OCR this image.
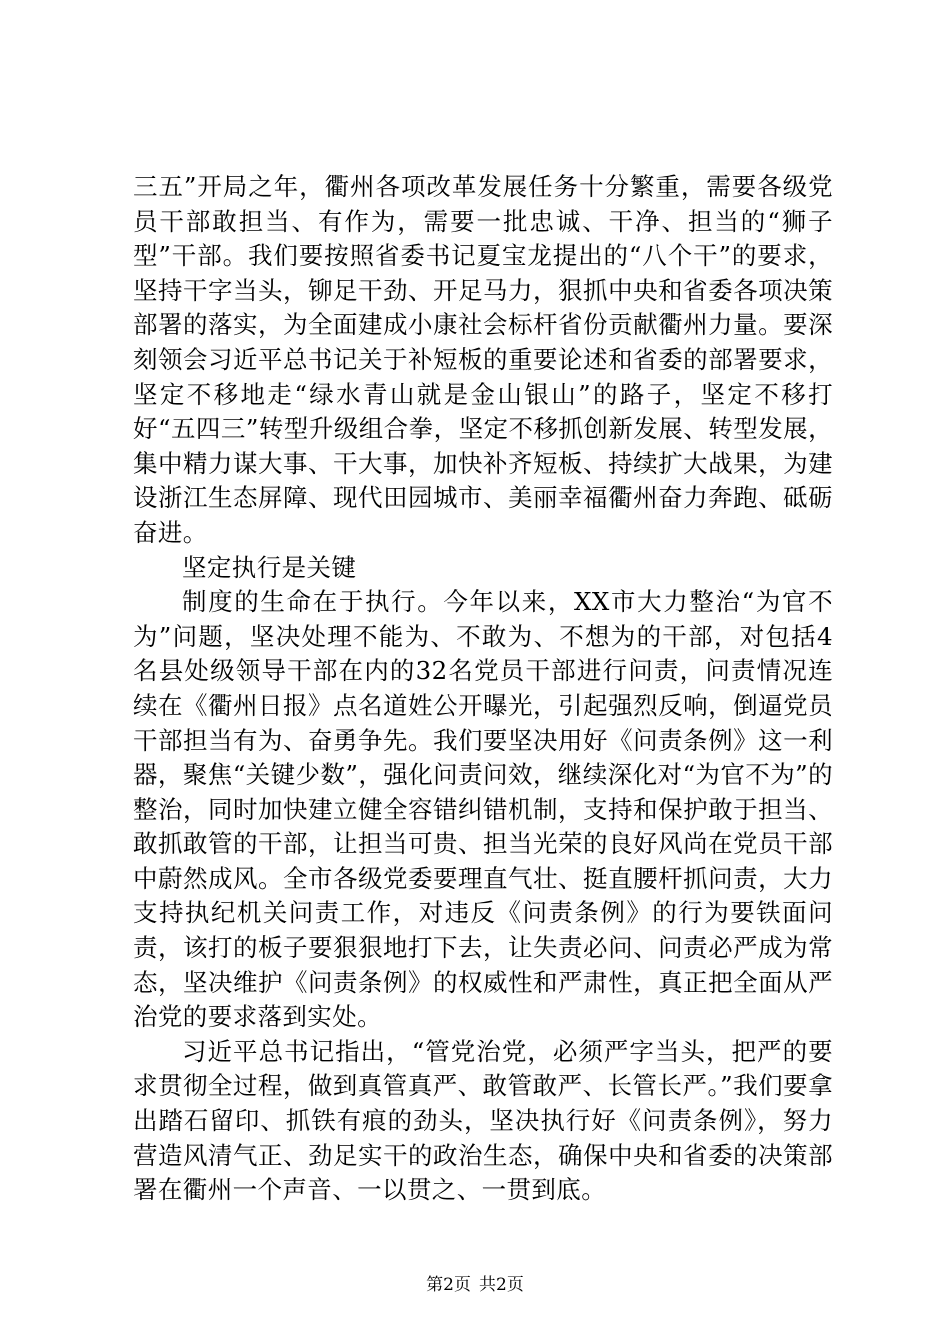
三五”开局之年，衢州各项改革发展任务十分繁重，需要各级党员干部敢担当、有作为，需要一批忠诚、干净、担当的“狮子型”干部。我们要按照省委书记夏宝龙提出的“八个干”的要求，坚持干字当头，铆足干劲、开足马力，狠抓中央和省委各项决策部署的落实，为全面建成小康社会标杆省份贡献衢州力量。要深刻领会习近平总书记关于补短板的重要论述和省委的部署要求，坚定不移地走“绿水青山就是金山银山”的路子，坚定不移打好“五四三”转型升级组合拳，坚定不移抓创新发展、转型发展，集中精力谋大事、干大事，加快补齐短板、持续扩大战果，为建设浙江生态屏障、现代田园城市、美丽幸福衢州奋力奔跑、砥砺奋进。

坚定执行是关键

制度的生命在于执行。今年以来，XX市大力整治“为官不为”问题，坚决处理不能为、不敢为、不想为的干部，对包括4名县处级领导干部在内的32名党员干部进行问责，问责情况连续在《衢州日报》点名道姓公开曝光，引起强烈反响，倒逼党员干部担当有为、奋勇争先。我们要坚决用好《问责条例》这一利器，聚焦“关键少数”，强化问责问效，继续深化对“为官不为”的整治，同时加快建立健全容错纠错机制，支持和保护敢于担当、敢抓敢管的干部，让担当可贵、担当光荣的良好风尚在党员干部中蔚然成风。全市各级党委要理直气壮、挺直腰杆抓问责，大力支持执纪机关问责工作，对违反《问责条例》的行为要铁面问责，该打的板子要狠狠地打下去，让失责必问、问责必严成为常态，坚决维护《问责条例》的权威性和严肃性，真正把全面从严治党的要求落到实处。

习近平总书记指出，“管党治党，必须严字当头，把严的要求贯彻全过程，做到真管真严、敢管敢严、长管长严。”我们要拿出踏石留印、抓铁有痕的劲头，坚决执行好《问责条例》，努力营造风清气正、劲足实干的政治生态，确保中央和省委的决策部署在衢州一个声音、一以贯之、一贯到底。

第2页 共2页
